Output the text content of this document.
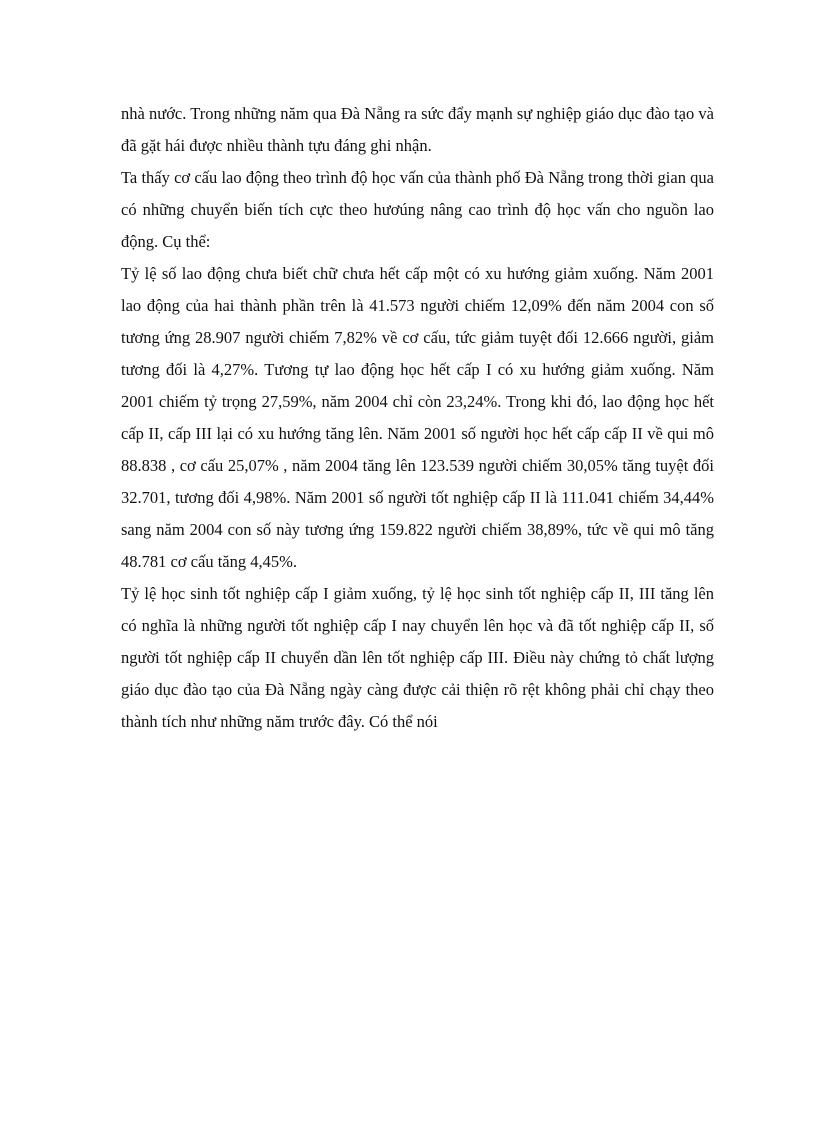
nhà nước. Trong những năm qua Đà Nẵng ra sức đẩy mạnh sự nghiệp giáo dục đào tạo và đã gặt hái được nhiều thành tựu đáng ghi nhận.

Ta thấy cơ cấu lao động theo trình độ học vấn của thành phố Đà Nẵng trong thời gian qua có những chuyển biến tích cực theo hươúng nâng cao trình độ học vấn cho nguồn lao động. Cụ thể:

Tỷ lệ số lao động chưa biết chữ chưa hết cấp một có xu hướng giảm xuống. Năm 2001 lao động của hai thành phần trên là 41.573 người chiếm 12,09% đến năm 2004 con số tương ứng 28.907 người chiếm 7,82% về cơ cấu, tức giảm tuyệt đối 12.666 người, giảm tương đối là 4,27%. Tương tự lao động học hết cấp I có xu hướng giảm xuống. Năm 2001 chiếm tỷ trọng 27,59%, năm 2004 chỉ còn 23,24%. Trong khi đó, lao động học hết cấp II, cấp III lại có xu hướng tăng lên. Năm 2001 số người học hết cấp cấp II về qui mô 88.838 , cơ cấu 25,07% , năm 2004 tăng lên 123.539 người chiếm 30,05% tăng tuyệt đối 32.701, tương đối 4,98%. Năm 2001 số người tốt nghiệp cấp II là 111.041 chiếm 34,44% sang năm 2004 con số này tương ứng 159.822 người chiếm 38,89%, tức về qui mô tăng 48.781 cơ cấu tăng 4,45%.

Tỷ lệ học sinh tốt nghiệp cấp I giảm xuống, tỷ lệ học sinh tốt nghiệp cấp II, III tăng lên có nghĩa là những người tốt nghiệp cấp I nay chuyển lên học và đã tốt nghiệp cấp II, số người tốt nghiệp cấp II chuyển dần lên tốt nghiệp cấp III. Điều này chứng tỏ chất lượng giáo dục đào tạo của Đà Nẵng ngày càng được cải thiện rõ rệt không phải chỉ chạy theo thành tích như những năm trước đây. Có thể nói
